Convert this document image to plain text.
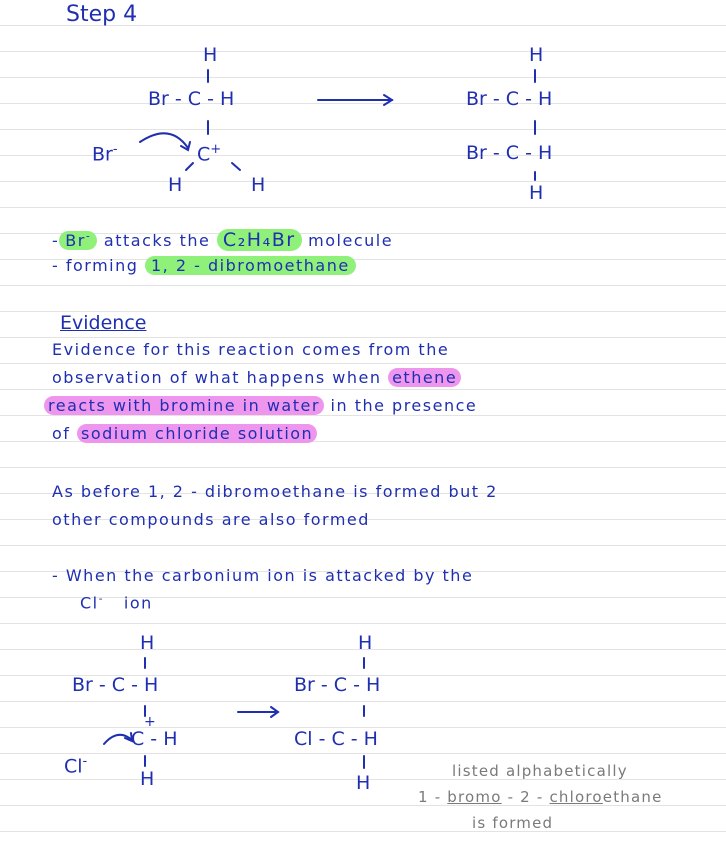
Step 4
H
Br - C - H
Br-	C+
H	H
H
Br - C - H
Br - C - H
H
- Br- attacks the C₂H₄Br molecule
- forming 1, 2 - dibromoethane
Evidence
Evidence for this reaction comes from the
observation of what happens when ethene
reacts with bromine in water in the presence
of sodium chloride solution
As before 1, 2 - dibromoethane is formed but 2
other compounds are also formed
- When the carbonium ion is attacked by the
Cl- ion
H
Br - C - H
C - H
+
Cl-
H
H
Br - C - H
Cl - C - H
H
listed alphabetically
1 - bromo - 2 - chloroethane
is formed
